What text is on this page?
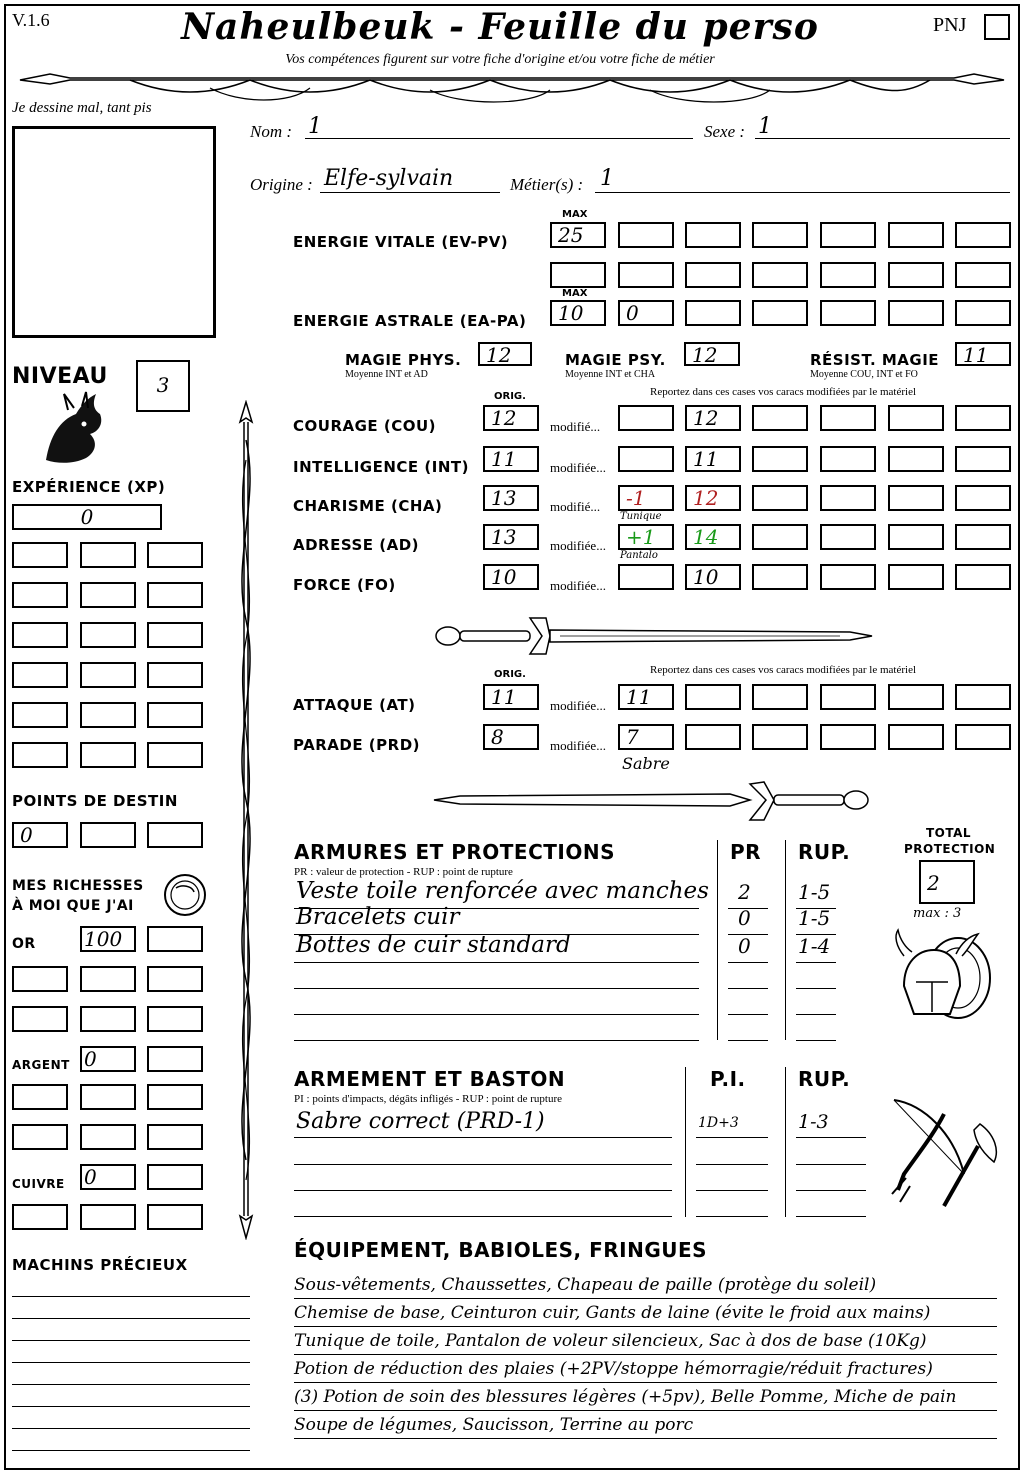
V.1.6	Naheulbeuk - Feuille du perso
Vos compétences figurent sur votre fiche d'origine et/ou votre fiche de métier
PNJ
Je dessine mal, tant pis
Nom : 1	Sexe : 1
Origine : Elfe-sylvain	Métier(s) : 1
MAX
ENERGIE VITALE (EV-PV)	25
MAX
ENERGIE ASTRALE (EA-PA)	10	0
MAGIE PHYS.
Moyenne INT et AD
12	MAGIE PSY.
Moyenne INT et CHA
12	RÉSIST. MAGIE
Moyenne COU, INT et FO
11
ORIG.	Reportez dans ces cases vos caracs modifiées par le matériel
COURAGE (COU)	12	modifié...	12
INTELLIGENCE (INT)	11	modifiée...	11
CHARISME (CHA)	13	modifié...	-1	12
Tunique
ADRESSE (AD)	13	modifiée...	+1	14
Pantalo
FORCE (FO)	10	modifiée...	10
ORIG.	Reportez dans ces cases vos caracs modifiées par le matériel
ATTAQUE (AT)	11	modifiée...	11
PARADE (PRD)	8	modifiée...	7
Sabre
NIVEAU	3
EXPÉRIENCE (XP)
0
POINTS DE DESTIN
0
MES RICHESSES
À MOI QUE J'AI
OR 100
ARGENT 0
CUIVRE 0
MACHINS PRÉCIEUX
ARMURES ET PROTECTIONS
PR : valeur de protection - RUP : point de rupture
PR RUP.
Veste toile renforcée avec manches 2 1-5
Bracelets cuir	0 1-5
Bottes de cuir standard	0 1-4
TOTAL
PROTECTION
2
max : 3
ARMEMENT ET BASTON
PI : points d'impacts, dégâts infligés - RUP : point de rupture
P.I.	RUP.
Sabre correct (PRD-1)	1D+3	1-3
ÉQUIPEMENT, BABIOLES, FRINGUES
Sous-vêtements, Chaussettes, Chapeau de paille (protège du soleil)
Chemise de base, Ceinturon cuir, Gants de laine (évite le froid aux mains)
Tunique de toile, Pantalon de voleur silencieux, Sac à dos de base (10Kg)
Potion de réduction des plaies (+2PV/stoppe hémorragie/réduit fractures)
(3) Potion de soin des blessures légères (+5pv), Belle Pomme, Miche de pain
Soupe de légumes, Saucisson, Terrine au porc
